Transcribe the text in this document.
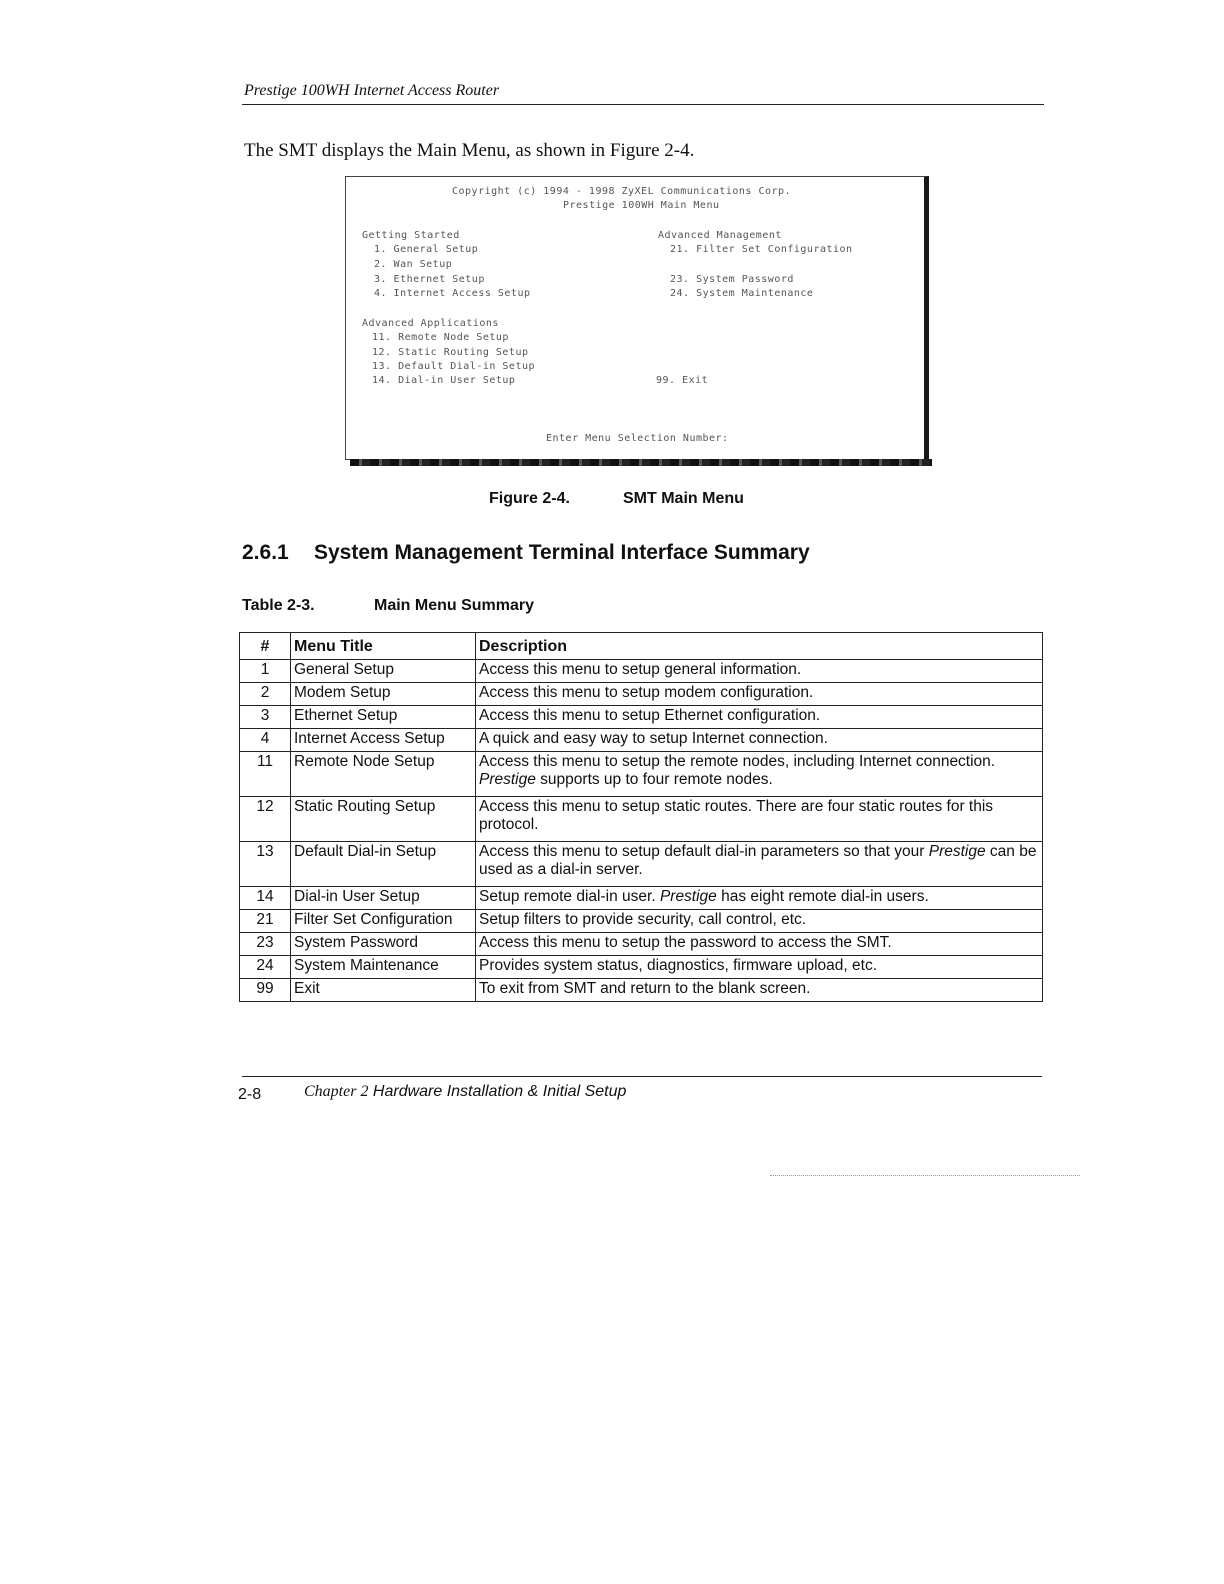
Prestige 100WH Internet Access Router
The SMT displays the Main Menu, as shown in Figure 2-4.
Copyright (c) 1994 - 1998 ZyXEL Communications Corp.
Prestige 100WH Main Menu
Getting Started
1. General Setup
2. Wan Setup
3. Ethernet Setup
4. Internet Access Setup
Advanced Applications
11. Remote Node Setup
12. Static Routing Setup
13. Default Dial-in Setup
14. Dial-in User Setup
Advanced Management
21. Filter Set Configuration
23. System Password
24. System Maintenance
99. Exit
Enter Menu Selection Number:
Figure 2-4.	SMT Main Menu
2.6.1 System Management Terminal Interface Summary
Table 2-3.	Main Menu Summary
#	Menu Title	Description
1	General Setup	Access this menu to setup general information.
2	Modem Setup	Access this menu to setup modem configuration.
3	Ethernet Setup	Access this menu to setup Ethernet configuration.
4	Internet Access Setup	A quick and easy way to setup Internet connection.
11	Remote Node Setup	Access this menu to setup the remote nodes, including Internet connection. Prestige supports up to four remote nodes.
12	Static Routing Setup	Access this menu to setup static routes. There are four static routes for this protocol.
13	Default Dial-in Setup	Access this menu to setup default dial-in parameters so that your Prestige can be used as a dial-in server.
14	Dial-in User Setup	Setup remote dial-in user. Prestige has eight remote dial-in users.
21	Filter Set Configuration	Setup filters to provide security, call control, etc.
23	System Password	Access this menu to setup the password to access the SMT.
24	System Maintenance	Provides system status, diagnostics, firmware upload, etc.
99	Exit	To exit from SMT and return to the blank screen.
2-8	Chapter 2 Hardware Installation & Initial Setup
